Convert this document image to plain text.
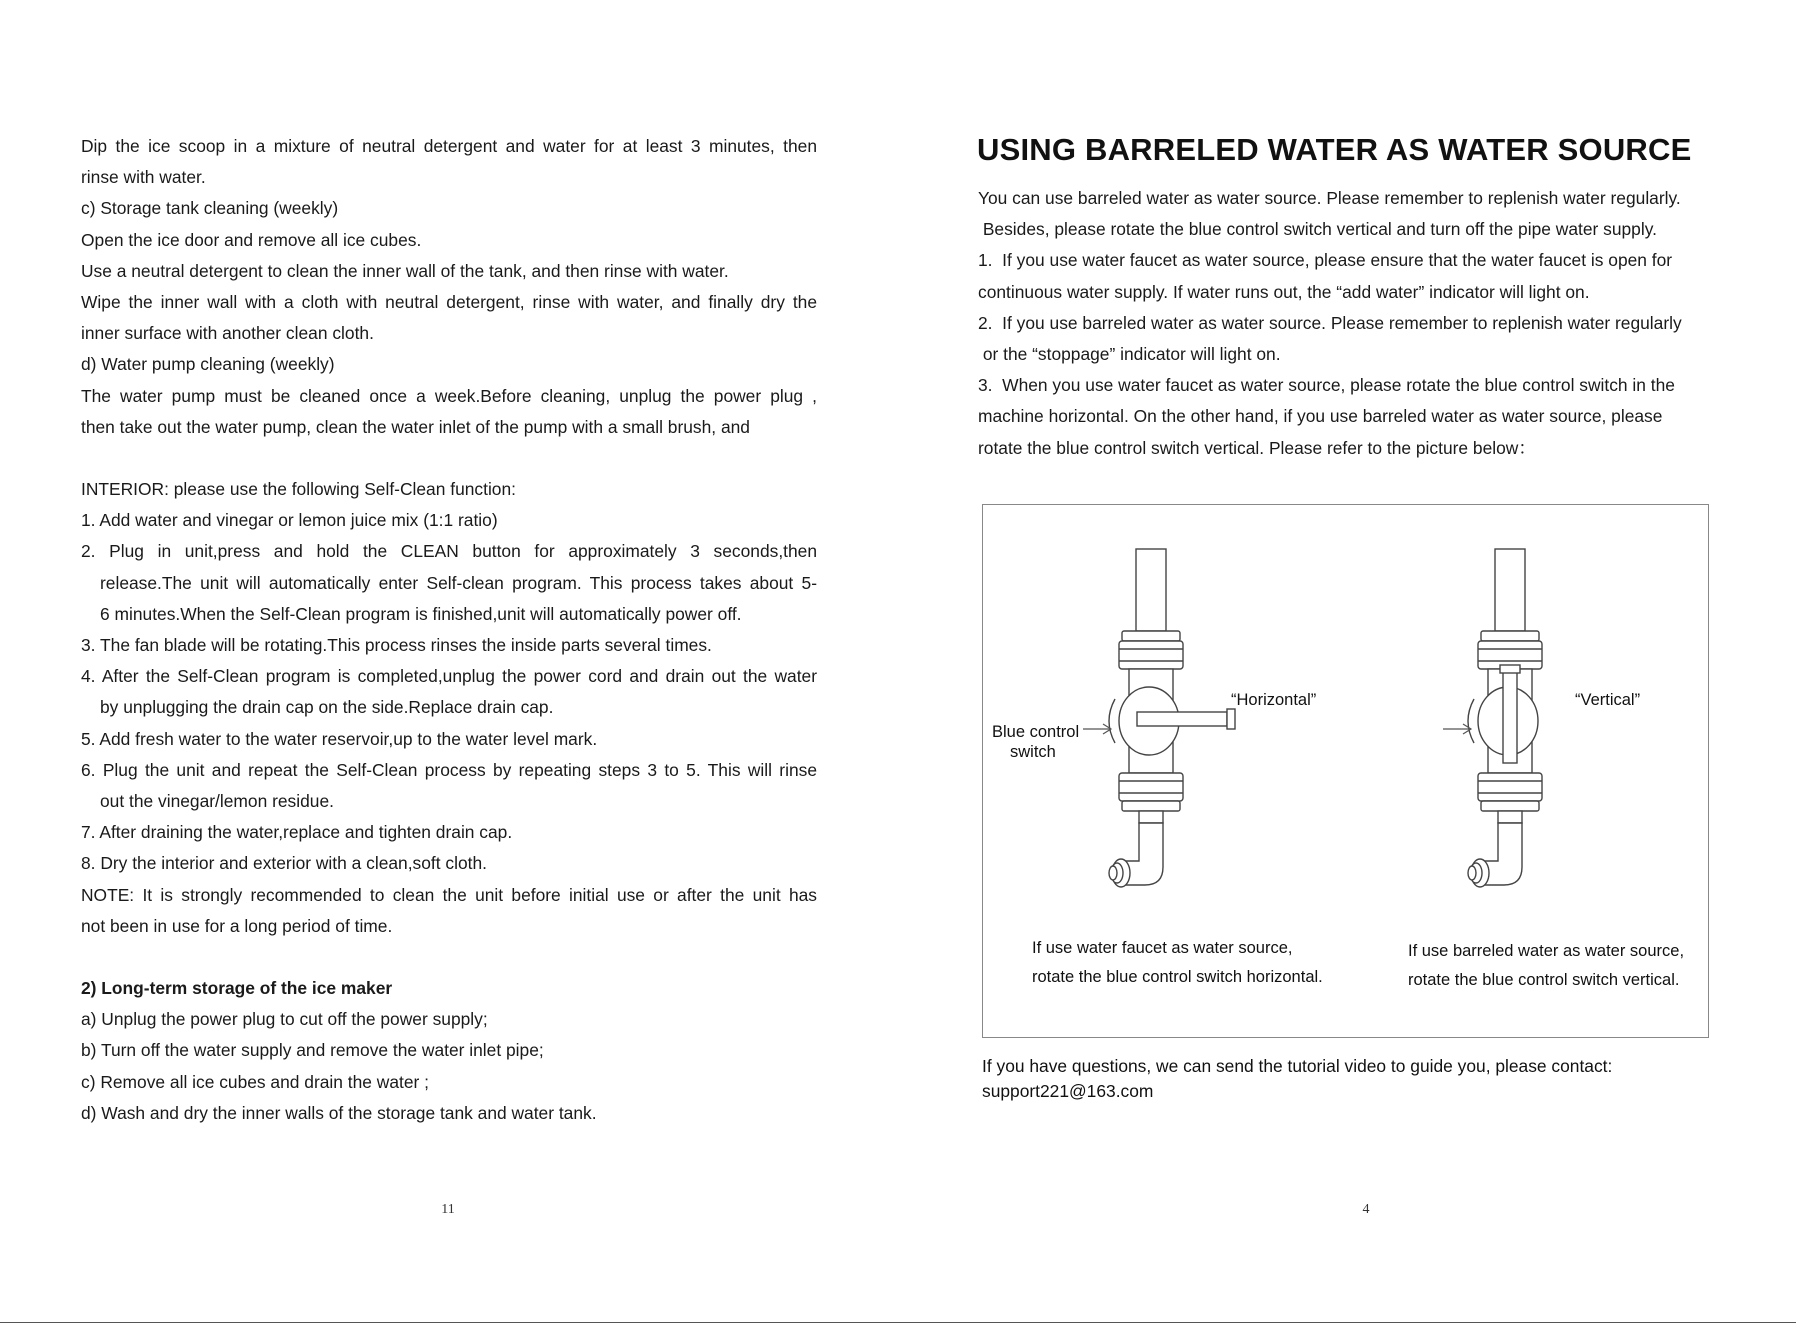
Dip the ice scoop in a mixture of neutral detergent and water for at least 3 minutes, then
rinse with water.
c) Storage tank cleaning (weekly)
Open the ice door and remove all ice cubes.
Use a neutral detergent to clean the inner wall of the tank, and then rinse with water.
Wipe the inner wall with a cloth with neutral detergent, rinse with water, and finally dry the
inner surface with another clean cloth.
d) Water pump cleaning (weekly)
The water pump must be cleaned once a week.Before cleaning, unplug the power plug ,
then take out the water pump, clean the water inlet of the pump with a small brush, and
INTERIOR: please use the following Self-Clean function:
1. Add water and vinegar or lemon juice mix (1:1 ratio)
2. Plug in unit,press and hold the CLEAN button for approximately 3 seconds,then
release.The unit will automatically enter Self-clean program. This process takes about 5-
6 minutes.When the Self-Clean program is finished,unit will automatically power off.
3. The fan blade will be rotating.This process rinses the inside parts several times.
4. After the Self-Clean program is completed,unplug the power cord and drain out the water
by unplugging the drain cap on the side.Replace drain cap.
5. Add fresh water to the water reservoir,up to the water level mark.
6. Plug the unit and repeat the Self-Clean process by repeating steps 3 to 5. This will rinse
out the vinegar/lemon residue.
7. After draining the water,replace and tighten drain cap.
8. Dry the interior and exterior with a clean,soft cloth.
NOTE: It is strongly recommended to clean the unit before initial use or after the unit has
not been in use for a long period of time.
2) Long-term storage of the ice maker
a) Unplug the power plug to cut off the power supply;
b) Turn off the water supply and remove the water inlet pipe;
c) Remove all ice cubes and drain the water ;
d) Wash and dry the inner walls of the storage tank and water tank.
11
USING BARRELED WATER AS WATER SOURCE
You can use barreled water as water source. Please remember to replenish water regularly.
Besides, please rotate the blue control switch vertical and turn off the pipe water supply.
1.  If you use water faucet as water source, please ensure that the water faucet is open for
continuous water supply. If water runs out, the “add water” indicator will light on.
2.  If you use barreled water as water source. Please remember to replenish water regularly
or the “stoppage” indicator will light on.
3.  When you use water faucet as water source, please rotate the blue control switch in the
machine horizontal. On the other hand, if you use barreled water as water source, please
rotate the blue control switch vertical. Please refer to the picture below：
“Horizontal”	“Vertical”
Blue control
switch
If use water faucet as water source,
rotate the blue control switch horizontal.
If use barreled water as water source,
rotate the blue control switch vertical.
If you have questions, we can send the tutorial video to guide you, please contact:
support221@163.com
4
